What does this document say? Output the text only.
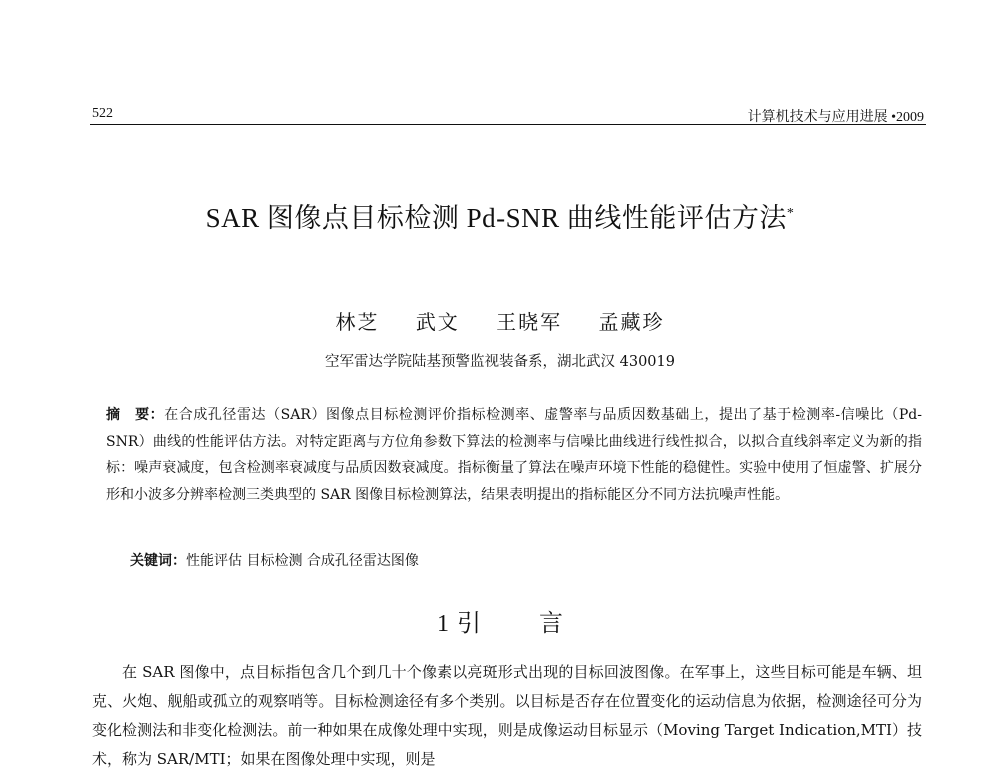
522	计算机技术与应用进展 •2009
SAR 图像点目标检测 Pd-SNR 曲线性能评估方法*
林芝 武文 王晓军 孟藏珍
空军雷达学院陆基预警监视装备系，湖北武汉 430019
摘　要：在合成孔径雷达（SAR）图像点目标检测评价指标检测率、虚警率与品质因数基础上，提出了基于检测率-信噪比（Pd-SNR）曲线的性能评估方法。对特定距离与方位角参数下算法的检测率与信噪比曲线进行线性拟合，以拟合直线斜率定义为新的指标：噪声衰减度，包含检测率衰减度与品质因数衰减度。指标衡量了算法在噪声环境下性能的稳健性。实验中使用了恒虚警、扩展分形和小波多分辨率检测三类典型的 SAR 图像目标检测算法，结果表明提出的指标能区分不同方法抗噪声性能。
关键词：性能评估 目标检测 合成孔径雷达图像
1 引 言

在 SAR 图像中，点目标指包含几个到几十个像素以亮斑形式出现的目标回波图像。在军事上，这些目标可能是车辆、坦克、火炮、舰船或孤立的观察哨等。目标检测途径有多个类别。以目标是否存在位置变化的运动信息为依据，检测途径可分为变化检测法和非变化检测法。前一种如果在成像处理中实现，则是成像运动目标显示（Moving Target Indication,MTI）技术，称为 SAR/MTI；如果在图像处理中实现，则是
